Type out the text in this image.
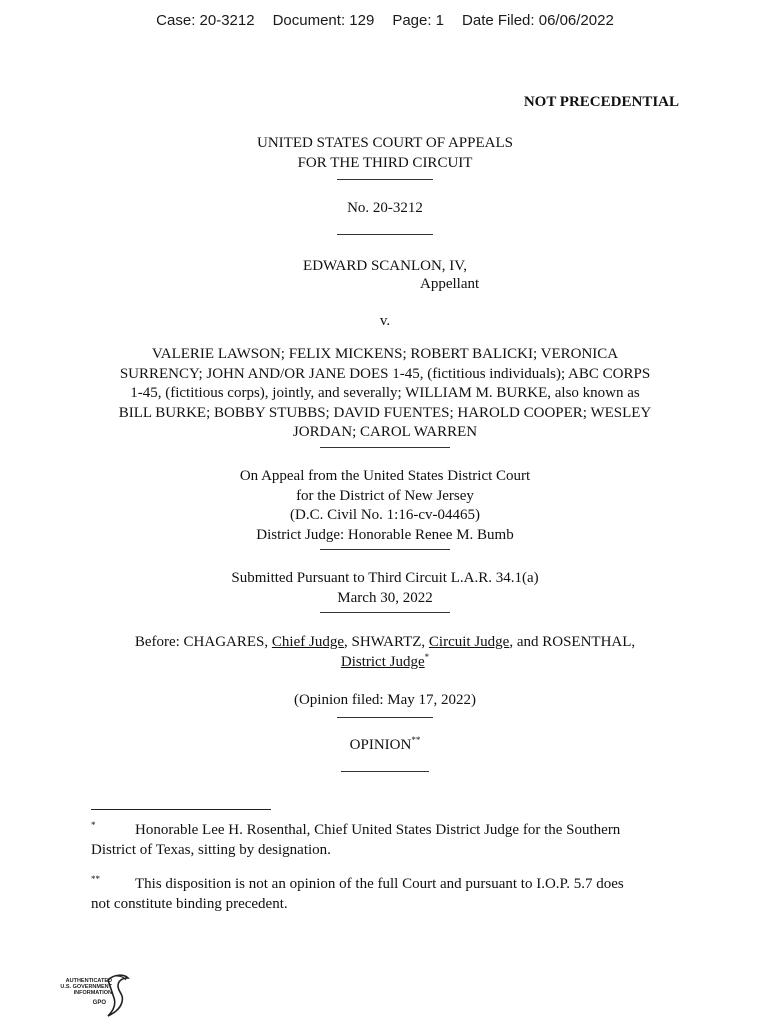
Case: 20-3212 Document: 129 Page: 1 Date Filed: 06/06/2022
NOT PRECEDENTIAL
UNITED STATES COURT OF APPEALS
FOR THE THIRD CIRCUIT
No. 20-3212
EDWARD SCANLON, IV,
Appellant
v.
VALERIE LAWSON; FELIX MICKENS; ROBERT BALICKI; VERONICA
SURRENCY; JOHN AND/OR JANE DOES 1-45, (fictitious individuals); ABC CORPS
1-45, (fictitious corps), jointly, and severally; WILLIAM M. BURKE, also known as
BILL BURKE; BOBBY STUBBS; DAVID FUENTES; HAROLD COOPER; WESLEY
JORDAN; CAROL WARREN
On Appeal from the United States District Court
for the District of New Jersey
(D.C. Civil No. 1:16-cv-04465)
District Judge: Honorable Renee M. Bumb
Submitted Pursuant to Third Circuit L.A.R. 34.1(a)
March 30, 2022
Before: CHAGARES, Chief Judge, SHWARTZ, Circuit Judge, and ROSENTHAL,
District Judge*
(Opinion filed: May 17, 2022)
OPINION**
*	Honorable Lee H. Rosenthal, Chief United States District Judge for the Southern
District of Texas, sitting by designation.
** This disposition is not an opinion of the full Court and pursuant to I.O.P. 5.7 does
not constitute binding precedent.
AUTHENTICATED
U.S. GOVERNMENT
INFORMATION
GPO
